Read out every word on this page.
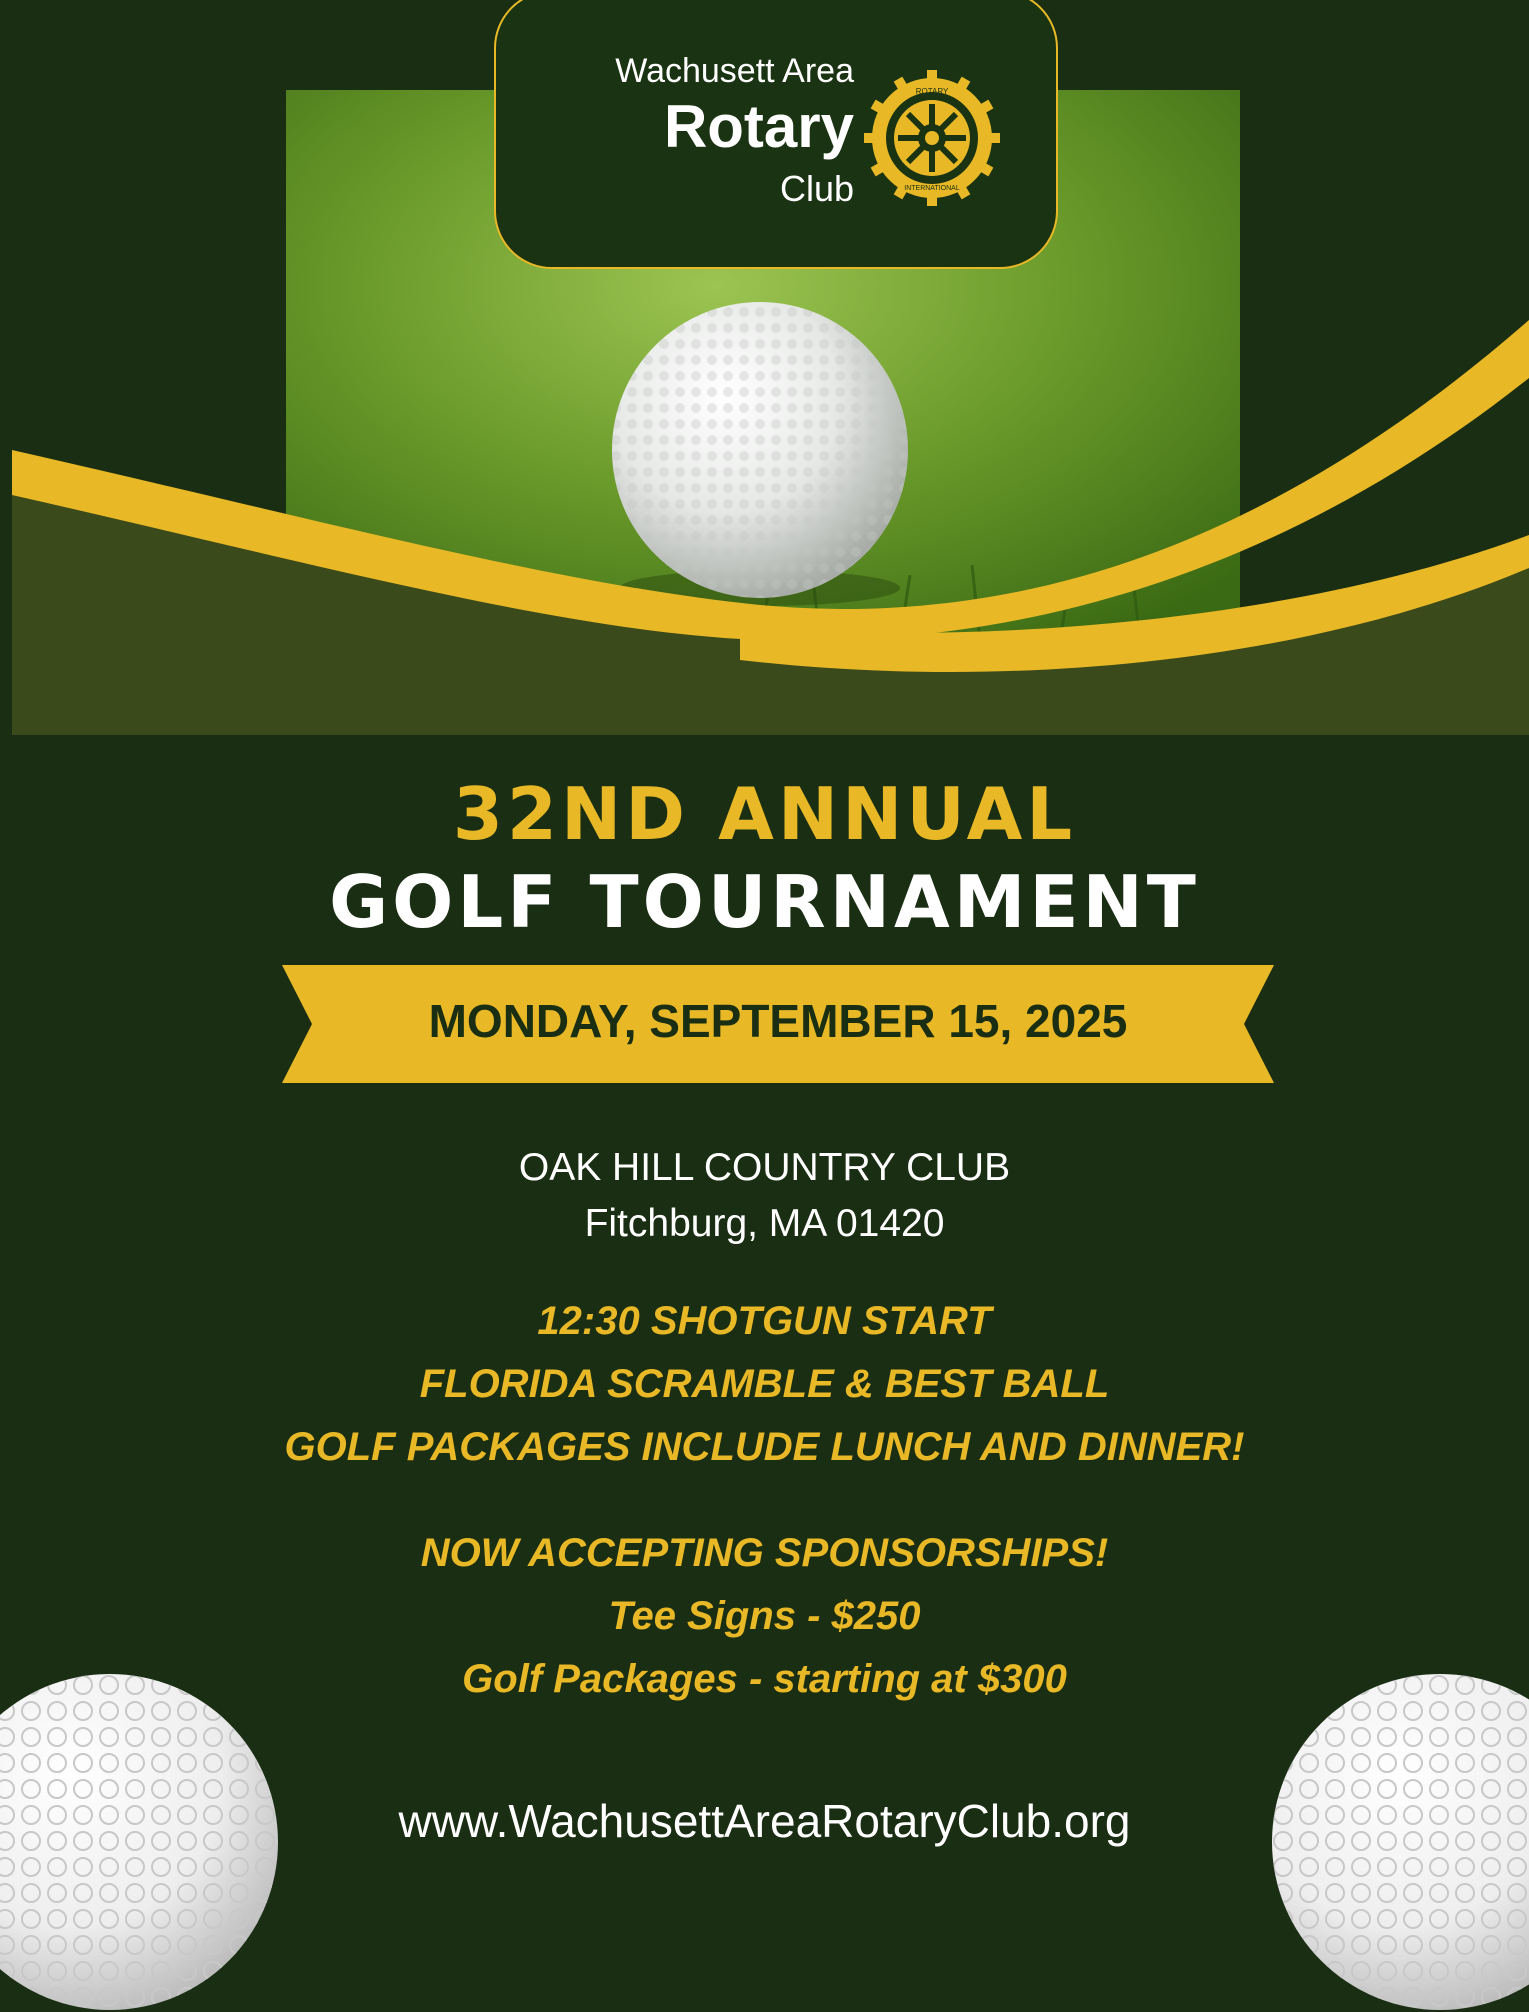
Wachusett Area
Rotary
Club
ROTARY
INTERNATIONAL
32ND ANNUAL
GOLF TOURNAMENT
MONDAY, SEPTEMBER 15, 2025
OAK HILL COUNTRY CLUB
Fitchburg, MA 01420
12:30 SHOTGUN START
FLORIDA SCRAMBLE & BEST BALL
GOLF PACKAGES INCLUDE LUNCH AND DINNER!
NOW ACCEPTING SPONSORSHIPS!
Tee Signs - $250
Golf Packages - starting at $300
www.WachusettAreaRotaryClub.org
